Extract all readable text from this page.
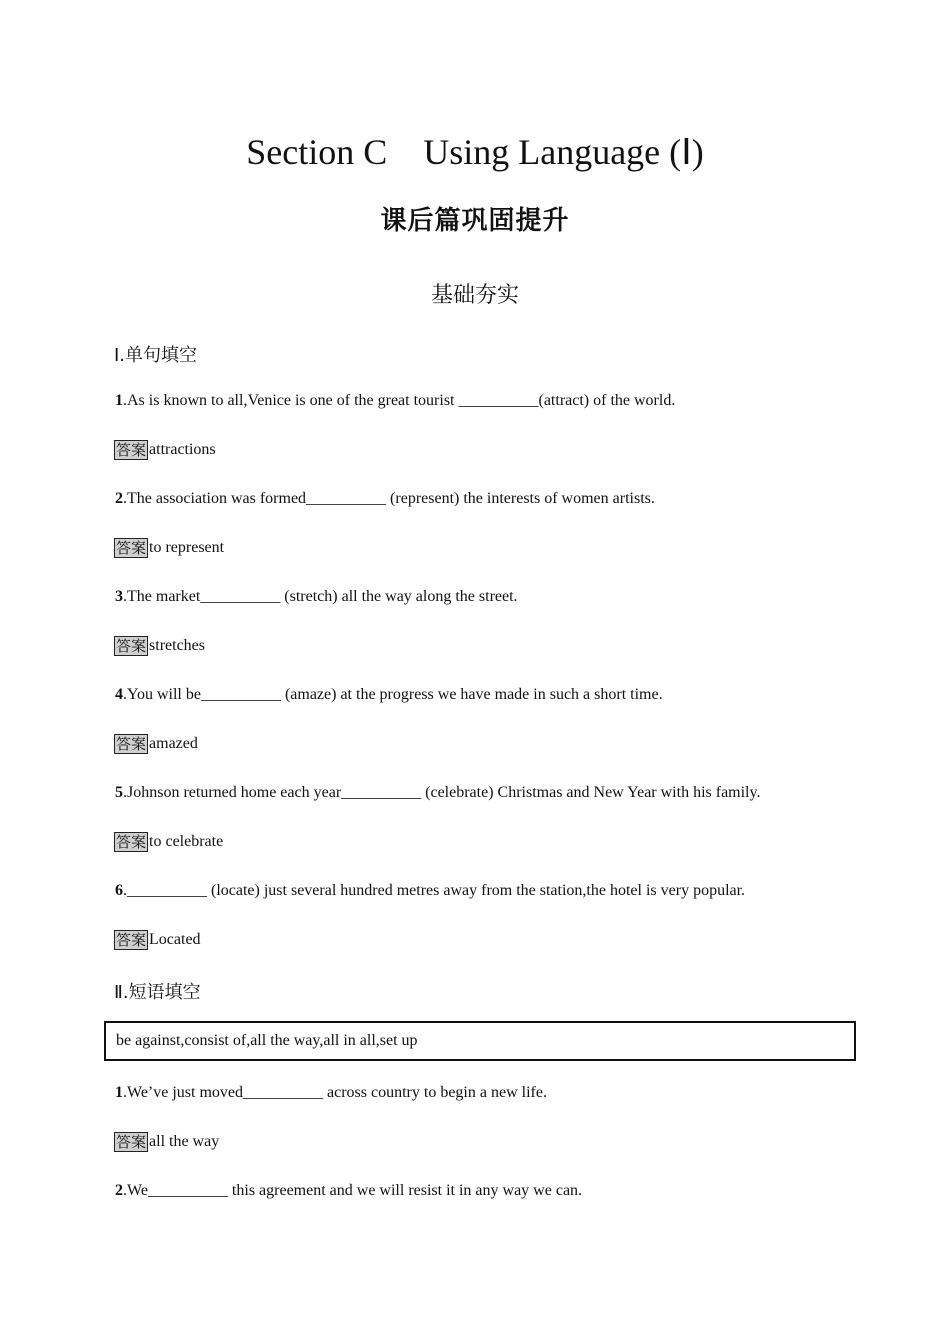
Section C　Using Language (Ⅰ)
课后篇巩固提升
基础夯实
Ⅰ.单句填空
1.As is known to all,Venice is one of the great tourist __________(attract) of the world.
答案 attractions
2.The association was formed__________ (represent) the interests of women artists.
答案 to represent
3.The market__________ (stretch) all the way along the street.
答案 stretches
4.You will be__________ (amaze) at the progress we have made in such a short time.
答案 amazed
5.Johnson returned home each year__________ (celebrate) Christmas and New Year with his family.
答案 to celebrate
6.__________ (locate) just several hundred metres away from the station,the hotel is very popular.
答案 Located
Ⅱ.短语填空
be against,consist of,all the way,all in all,set up
1.We’ve just moved__________ across country to begin a new life.
答案 all the way
2.We__________ this agreement and we will resist it in any way we can.
